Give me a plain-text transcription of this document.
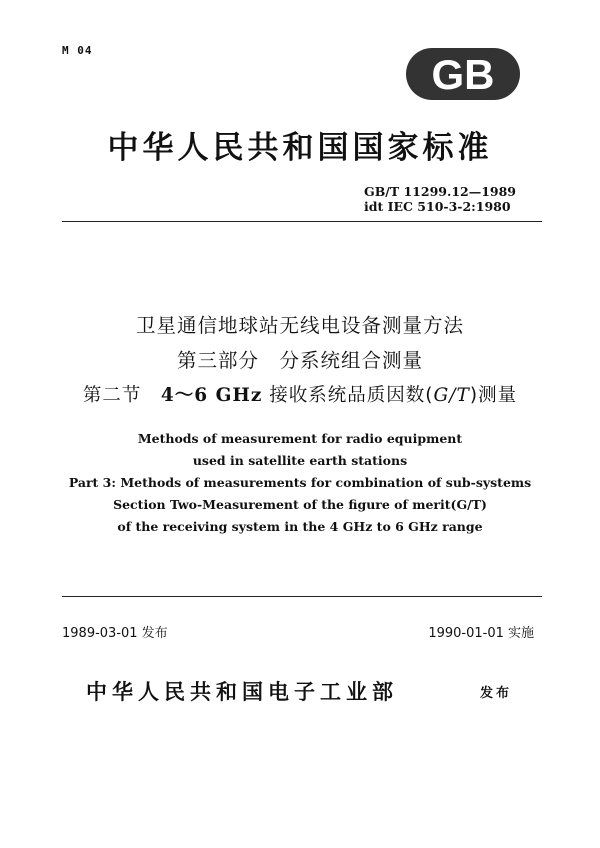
M 04
GB
中华人民共和国国家标准
GB/T 11299.12—1989
idt IEC 510-3-2:1980
卫星通信地球站无线电设备测量方法
第三部分　分系统组合测量
第二节　4～6 GHz 接收系统品质因数(G/T)测量
Methods of measurement for radio equipment
used in satellite earth stations
Part 3: Methods of measurements for combination of sub-systems
Section Two-Measurement of the figure of merit(G/T)
of the receiving system in the 4 GHz to 6 GHz range
1989-03-01 发布	1990-01-01 实施
中华人民共和国电子工业部	发布
